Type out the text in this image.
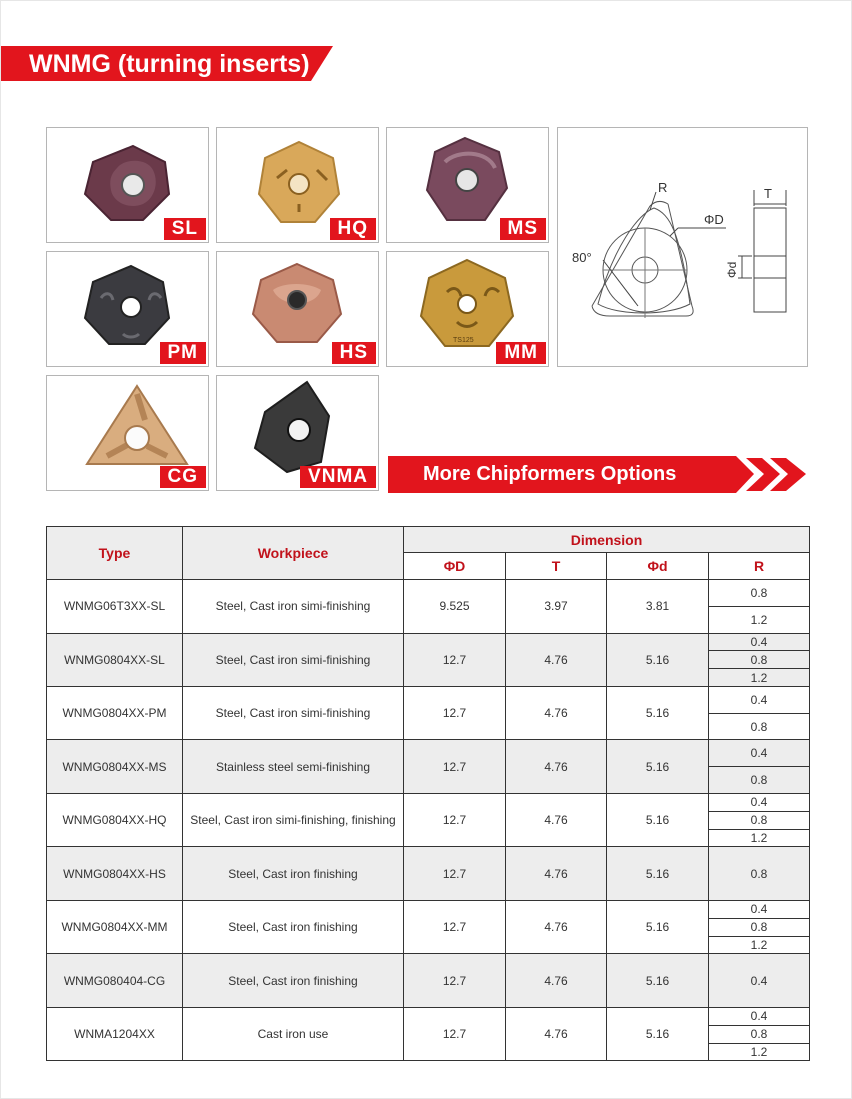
WNMG (turning inserts)
SL	HQ	MS
PM	HS
TS125
MM
CG	VNMA
R
ΦD
80°
T
Φd
More Chipformers Options
Type	Workpiece	Dimension			
		ΦD	T	Φd	R
WNMG06T3XX-SL	Steel, Cast iron simi-finishing	9.525	3.97	3.81	0.8
					1.2
WNMG0804XX-SL	Steel, Cast iron simi-finishing	12.7	4.76	5.16	0.4
					0.8
					1.2
WNMG0804XX-PM	Steel, Cast iron simi-finishing	12.7	4.76	5.16	0.4
					0.8
WNMG0804XX-MS	Stainless steel semi-finishing	12.7	4.76	5.16	0.4
					0.8
WNMG0804XX-HQ	Steel, Cast iron simi-finishing, finishing	12.7	4.76	5.16	0.4
					0.8
					1.2
WNMG0804XX-HS	Steel, Cast iron finishing	12.7	4.76	5.16	0.8
WNMG0804XX-MM	Steel, Cast iron finishing	12.7	4.76	5.16	0.4
					0.8
					1.2
WNMG080404-CG	Steel, Cast iron finishing	12.7	4.76	5.16	0.4
WNMA1204XX	Cast iron use	12.7	4.76	5.16	0.4
					0.8
					1.2
